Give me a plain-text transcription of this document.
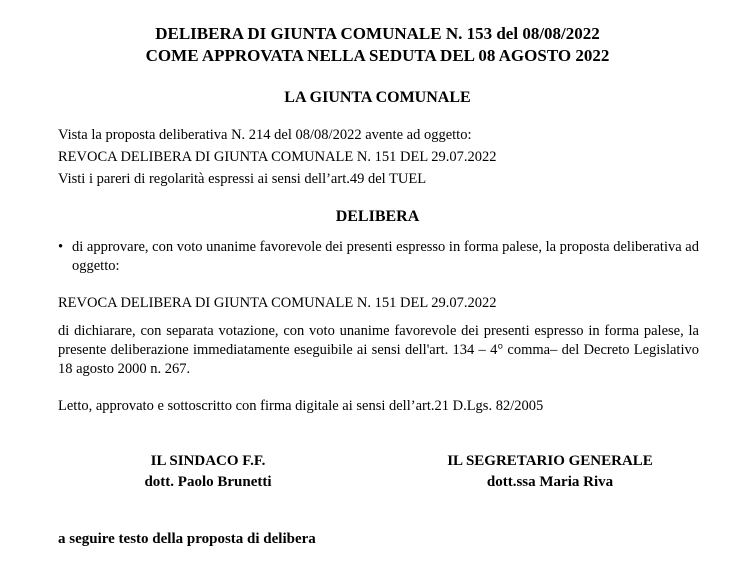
DELIBERA DI GIUNTA COMUNALE N. 153 del 08/08/2022
COME APPROVATA NELLA SEDUTA DEL 08 AGOSTO 2022
LA GIUNTA COMUNALE
Vista la proposta deliberativa N. 214 del 08/08/2022 avente ad oggetto:
REVOCA DELIBERA DI GIUNTA COMUNALE N. 151 DEL 29.07.2022
Visti i pareri di regolarità espressi ai sensi dell’art.49 del TUEL
DELIBERA
• di approvare, con voto unanime favorevole dei presenti espresso in forma palese, la proposta deliberativa ad oggetto:
REVOCA DELIBERA DI GIUNTA COMUNALE N. 151 DEL 29.07.2022
di dichiarare, con separata votazione, con voto unanime favorevole dei presenti espresso in forma palese, la presente deliberazione immediatamente eseguibile ai sensi dell'art. 134 – 4° comma– del Decreto Legislativo 18 agosto 2000 n. 267.
Letto, approvato e sottoscritto con firma digitale ai sensi dell’art.21 D.Lgs. 82/2005
IL SINDACO F.F.
dott. Paolo Brunetti
IL SEGRETARIO GENERALE
dott.ssa Maria Riva
a seguire testo della proposta di delibera
